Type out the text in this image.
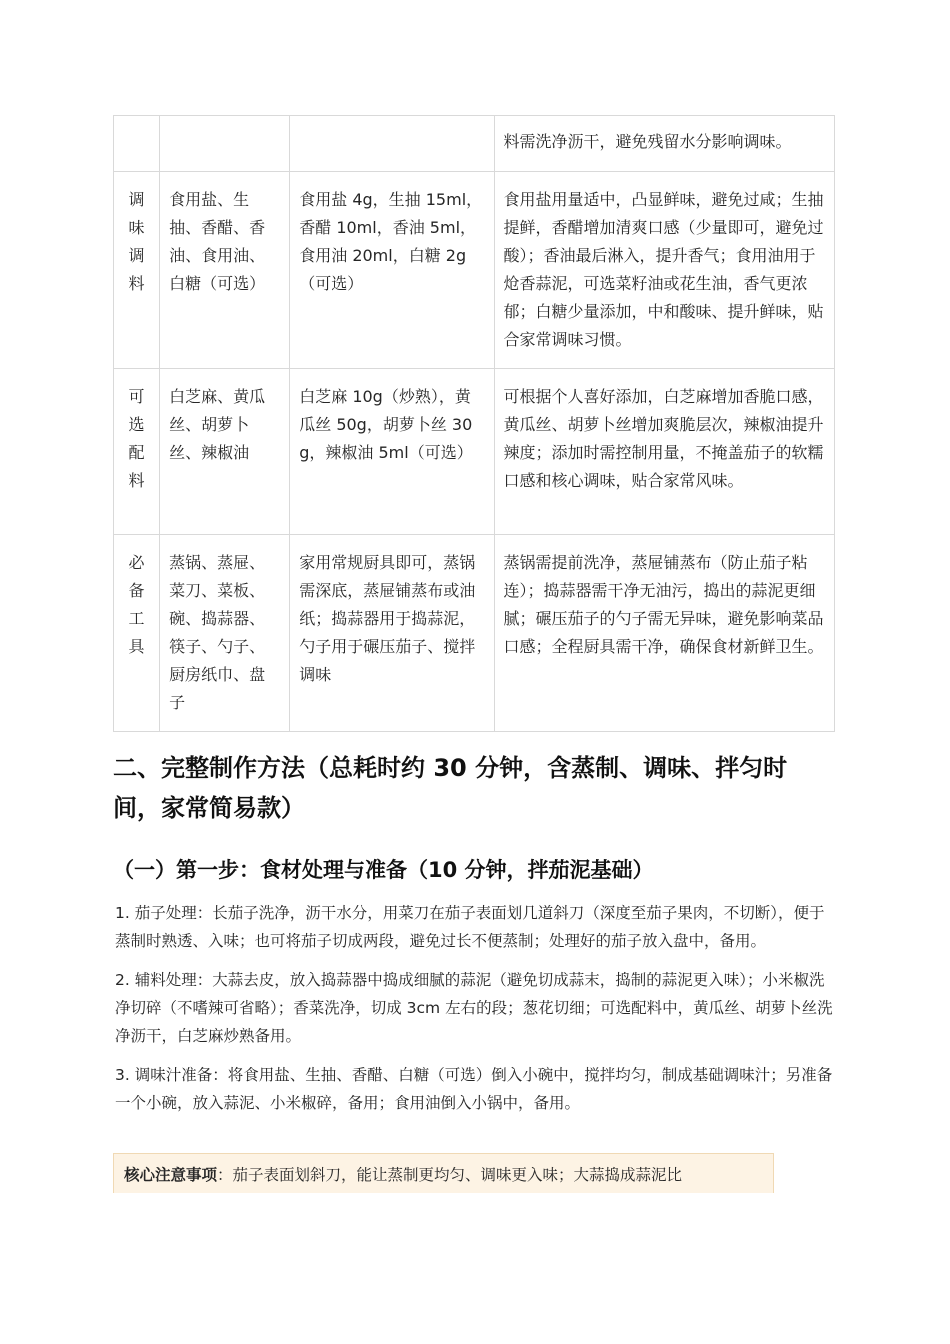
			料需洗净沥干，避免残留水分影响调味。
调味调料	食用盐、生抽、香醋、香油、食用油、白糖（可选）	食用盐 4g，生抽 15ml，香醋 10ml，香油 5ml，食用油 20ml，白糖 2g（可选）	食用盐用量适中，凸显鲜味，避免过咸；生抽提鲜，香醋增加清爽口感（少量即可，避免过酸）；香油最后淋入，提升香气；食用油用于炝香蒜泥，可选菜籽油或花生油，香气更浓郁；白糖少量添加，中和酸味、提升鲜味，贴合家常调味习惯。
可选配料	白芝麻、黄瓜丝、胡萝卜丝、辣椒油	白芝麻 10g（炒熟），黄瓜丝 50g，胡萝卜丝 30g，辣椒油 5ml（可选）	可根据个人喜好添加，白芝麻增加香脆口感，黄瓜丝、胡萝卜丝增加爽脆层次，辣椒油提升辣度；添加时需控制用量，不掩盖茄子的软糯口感和核心调味，贴合家常风味。
必备工具	蒸锅、蒸屉、菜刀、菜板、碗、捣蒜器、筷子、勺子、厨房纸巾、盘子	家用常规厨具即可，蒸锅需深底，蒸屉铺蒸布或油纸；捣蒜器用于捣蒜泥，勺子用于碾压茄子、搅拌调味	蒸锅需提前洗净，蒸屉铺蒸布（防止茄子粘连）；捣蒜器需干净无油污，捣出的蒜泥更细腻；碾压茄子的勺子需无异味，避免影响菜品口感；全程厨具需干净，确保食材新鲜卫生。
二、完整制作方法（总耗时约 30 分钟，含蒸制、调味、拌匀时间，家常简易款）
（一）第一步：食材处理与准备（10 分钟，拌茄泥基础）

1. 茄子处理：长茄子洗净，沥干水分，用菜刀在茄子表面划几道斜刀（深度至茄子果肉，不切断），便于蒸制时熟透、入味；也可将茄子切成两段，避免过长不便蒸制；处理好的茄子放入盘中，备用。

2. 辅料处理：大蒜去皮，放入捣蒜器中捣成细腻的蒜泥（避免切成蒜末，捣制的蒜泥更入味）；小米椒洗净切碎（不嗜辣可省略）；香菜洗净，切成 3cm 左右的段；葱花切细；可选配料中，黄瓜丝、胡萝卜丝洗净沥干，白芝麻炒熟备用。

3. 调味汁准备：将食用盐、生抽、香醋、白糖（可选）倒入小碗中，搅拌均匀，制成基础调味汁；另准备一个小碗，放入蒜泥、小米椒碎，备用；食用油倒入小锅中，备用。

核心注意事项：茄子表面划斜刀，能让蒸制更均匀、调味更入味；大蒜捣成蒜泥比
